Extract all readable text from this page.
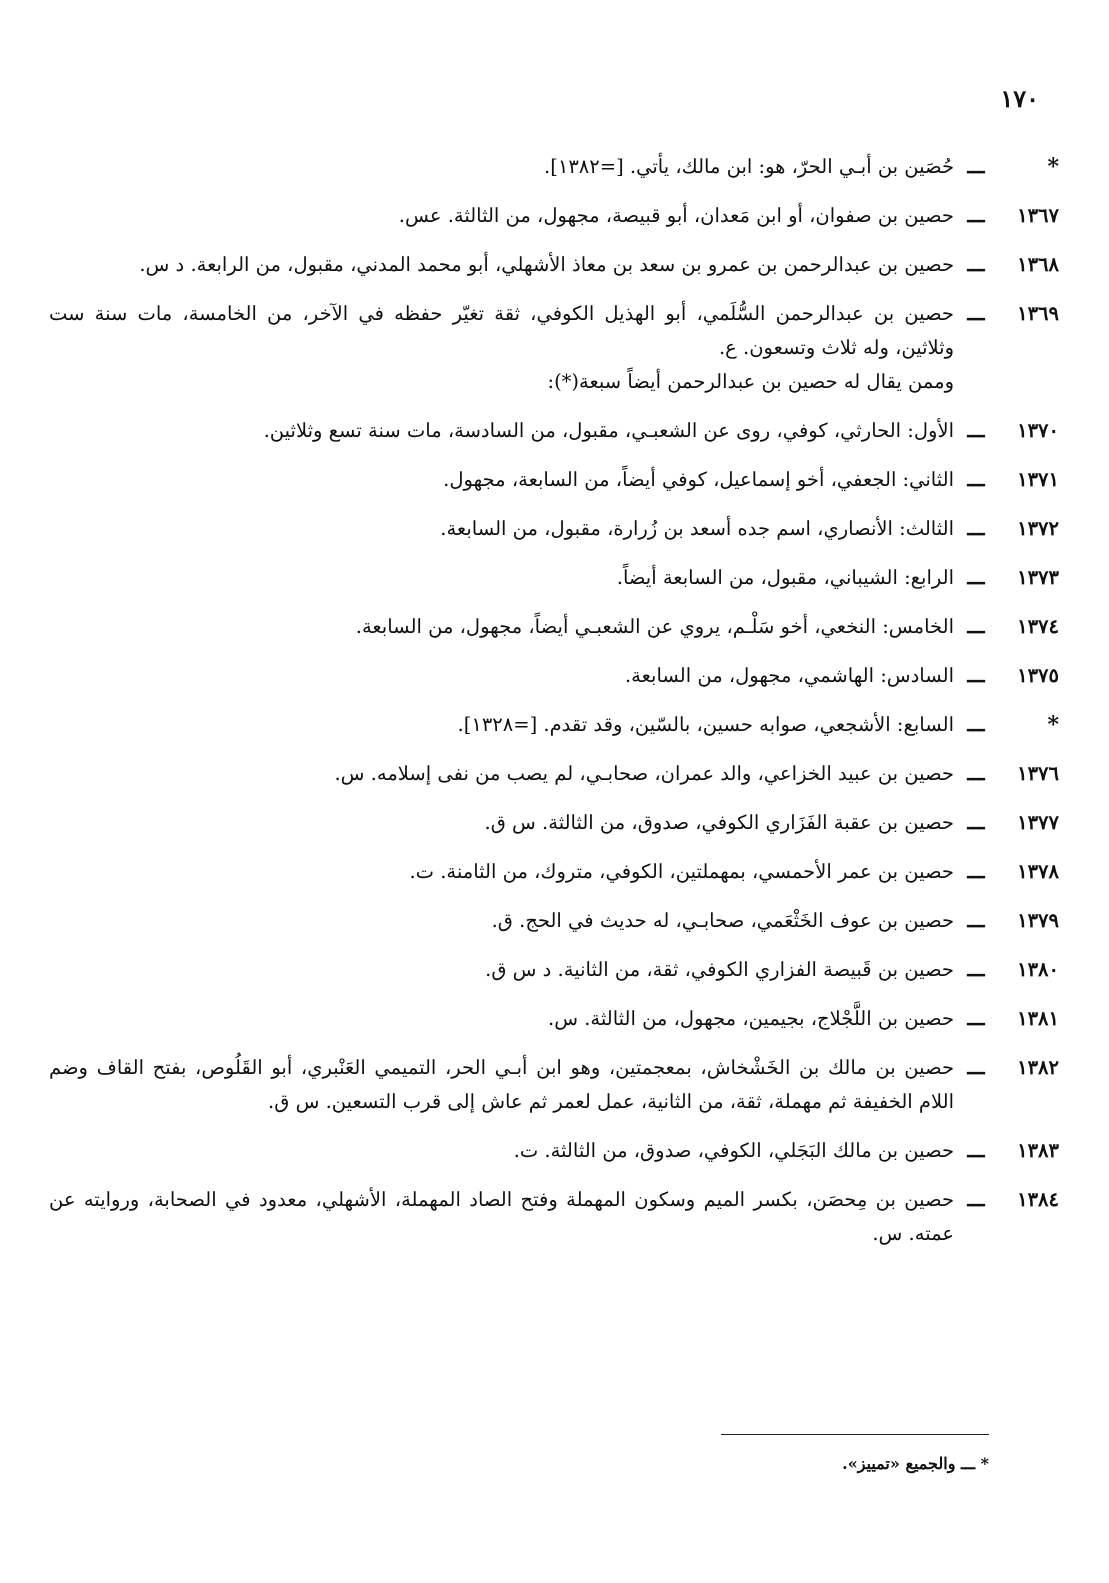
١٧٠
*
ـــ
حُصَين بن أبـي الحرّ، هو: ابن مالك، يأتي. [=١٣٨٢].
١٣٦٧
ـــ
حصين بن صفوان، أو ابن مَعدان، أبو قبيصة، مجهول، من الثالثة. عس.
١٣٦٨
ـــ
حصين بن عبدالرحمن بن عمرو بن سعد بن معاذ الأشهلي، أبو محمد المدني، مقبول، من الرابعة. د س.
١٣٦٩
ـــ
حصين بن عبدالرحمن السُّلَمي، أبو الهذيل الكوفي، ثقة تغيّر حفظه في الآخر، من الخامسة، مات سنة ست وثلاثين، وله ثلاث وتسعون. ع.
وممن يقال له حصين بن عبدالرحمن أيضاً سبعة(*):
١٣٧٠
ـــ
الأول: الحارثي، كوفي، روى عن الشعبـي، مقبول، من السادسة، مات سنة تسع وثلاثين.
١٣٧١
ـــ
الثاني: الجعفي، أخو إسماعيل، كوفي أيضاً، من السابعة، مجهول.
١٣٧٢
ـــ
الثالث: الأنصاري، اسم جده أسعد بن زُرارة، مقبول، من السابعة.
١٣٧٣
ـــ
الرابع: الشيباني، مقبول، من السابعة أيضاً.
١٣٧٤
ـــ
الخامس: النخعي، أخو سَلْـم، يروي عن الشعبـي أيضاً، مجهول، من السابعة.
١٣٧٥
ـــ
السادس: الهاشمي، مجهول، من السابعة.
*
ـــ
السابع: الأشجعي، صوابه حسين، بالسّين، وقد تقدم. [=١٣٢٨].
١٣٧٦
ـــ
حصين بن عبيد الخزاعي، والد عمران، صحابـي، لم يصب من نفى إسلامه. س.
١٣٧٧
ـــ
حصين بن عقبة الفَزَاري الكوفي، صدوق، من الثالثة. س ق.
١٣٧٨
ـــ
حصين بن عمر الأحمسي، بمهملتين، الكوفي، متروك، من الثامنة. ت.
١٣٧٩
ـــ
حصين بن عوف الخَثْعَمي، صحابـي، له حديث في الحج. ق.
١٣٨٠
ـــ
حصين بن قَبيصة الفزاري الكوفي، ثقة، من الثانية. د س ق.
١٣٨١
ـــ
حصين بن اللَّجْلاج، بجيمين، مجهول، من الثالثة. س.
١٣٨٢
ـــ
حصين بن مالك بن الخَشْخاش، بمعجمتين، وهو ابن أبـي الحر، التميمي العَنْبري، أبو القَلُوص، بفتح القاف وضم اللام الخفيفة ثم مهملة، ثقة، من الثانية، عمل لعمر ثم عاش إلى قرب التسعين. س ق.
١٣٨٣
ـــ
حصين بن مالك البَجَلي، الكوفي، صدوق، من الثالثة. ت.
١٣٨٤
ـــ
حصين بن مِحصَن، بكسر الميم وسكون المهملة وفتح الصاد المهملة، الأشهلي، معدود في الصحابة، وروايته عن عمته. س.
* ـــ والجميع «تمييز».
